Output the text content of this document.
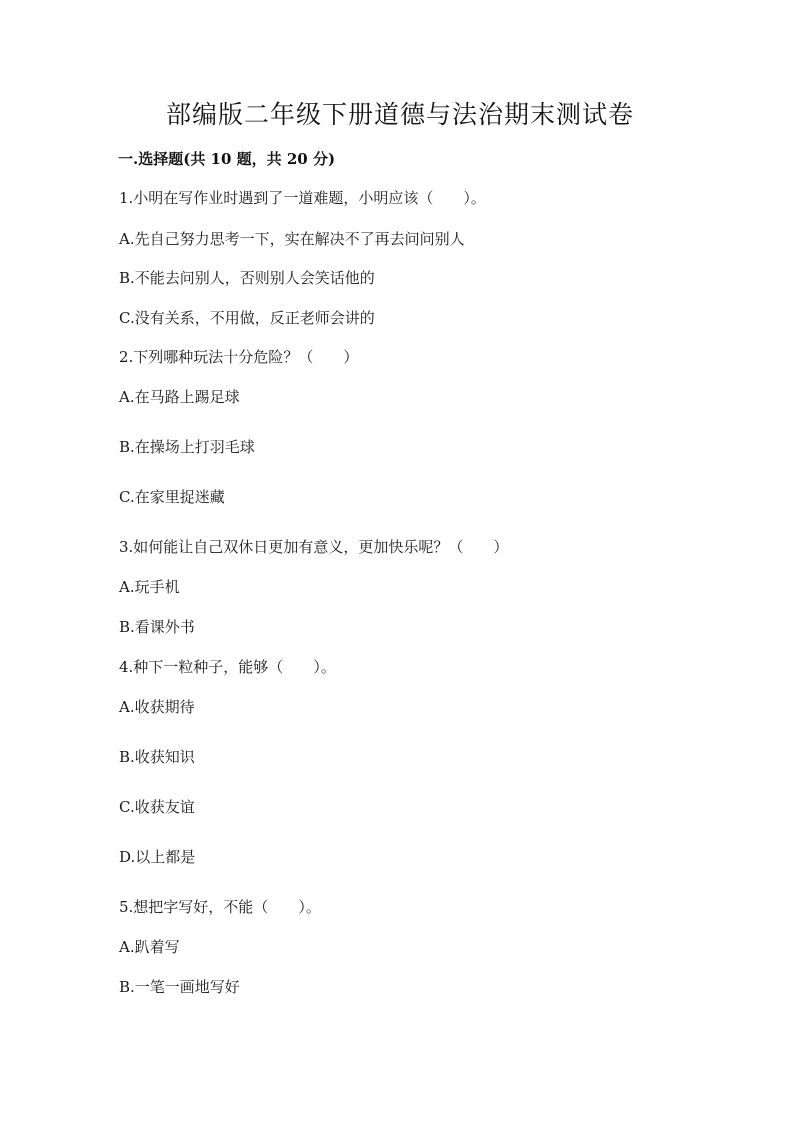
部编版二年级下册道德与法治期末测试卷
一.选择题(共 10 题，共 20 分)
1.小明在写作业时遇到了一道难题，小明应该（　　）。
A.先自己努力思考一下，实在解决不了再去问问别人
B.不能去问别人，否则别人会笑话他的
C.没有关系，不用做，反正老师会讲的
2.下列哪种玩法十分危险？（　　）
A.在马路上踢足球
B.在操场上打羽毛球
C.在家里捉迷藏
3.如何能让自己双休日更加有意义，更加快乐呢？（　　）
A.玩手机
B.看课外书
4.种下一粒种子，能够（　　）。
A.收获期待
B.收获知识
C.收获友谊
D.以上都是
5.想把字写好，不能（　　）。
A.趴着写
B.一笔一画地写好
